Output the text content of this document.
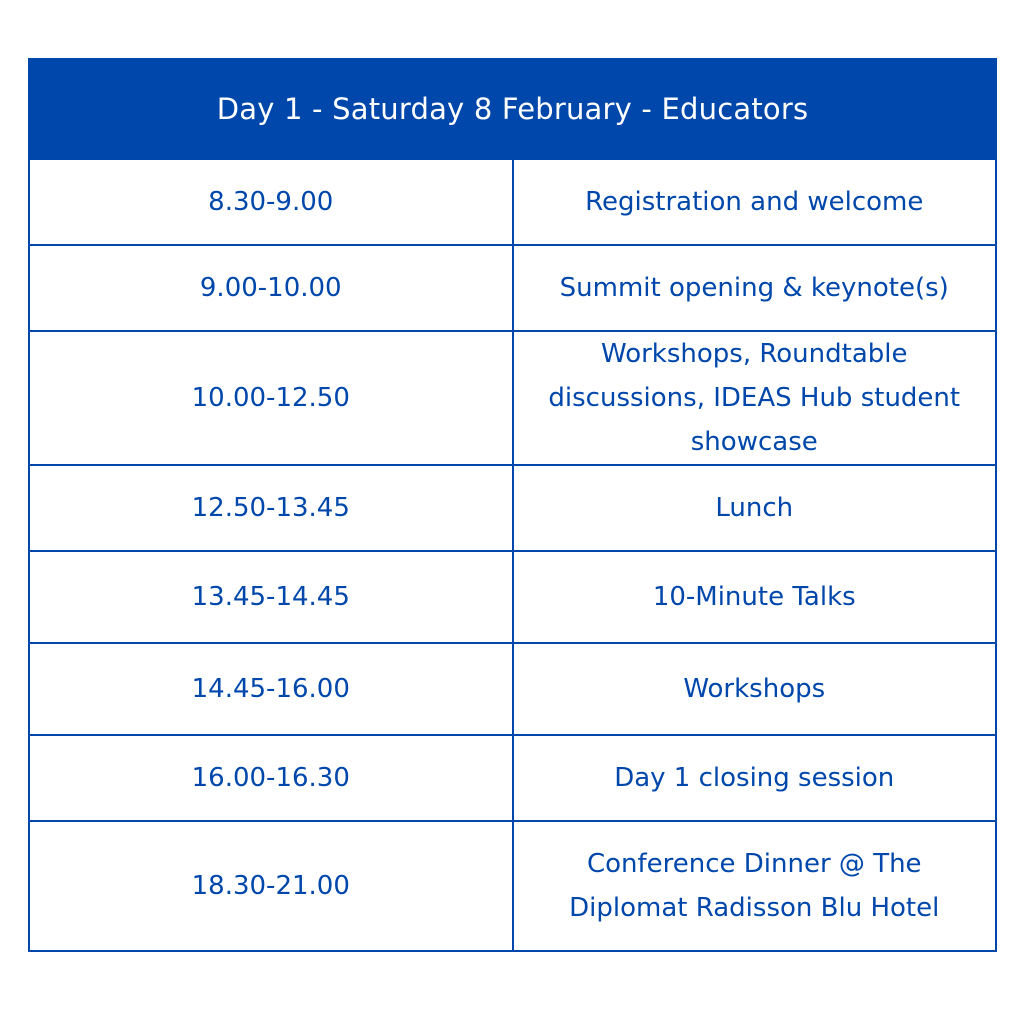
Day 1 - Saturday 8 February - Educators	
8.30-9.00	Registration and welcome
9.00-10.00	Summit opening & keynote(s)
10.00-12.50	Workshops, Roundtable discussions, IDEAS Hub student showcase
12.50-13.45	Lunch
13.45-14.45	10-Minute Talks
14.45-16.00	Workshops
16.00-16.30	Day 1 closing session
18.30-21.00	Conference Dinner @ The Diplomat Radisson Blu Hotel
